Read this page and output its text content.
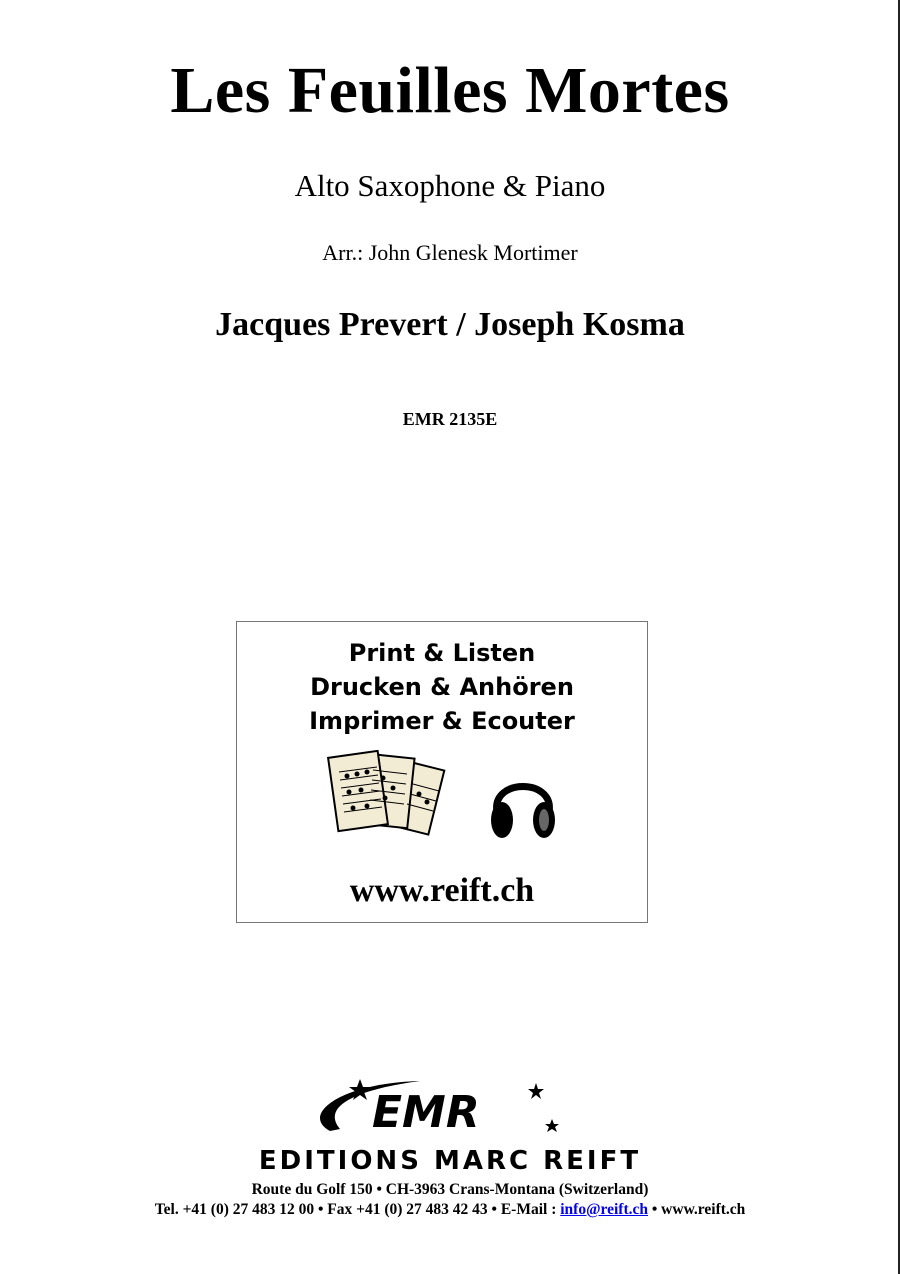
Les Feuilles Mortes
Alto Saxophone & Piano
Arr.: John Glenesk Mortimer
Jacques Prevert / Joseph Kosma
EMR 2135E
Print & Listen
Drucken & Anhören
Imprimer & Ecouter
www.reift.ch
EMR
EDITIONS MARC REIFT
Route du Golf 150 • CH-3963 Crans-Montana (Switzerland)
Tel. +41 (0) 27 483 12 00 • Fax +41 (0) 27 483 42 43 • E-Mail : info@reift.ch • www.reift.ch
